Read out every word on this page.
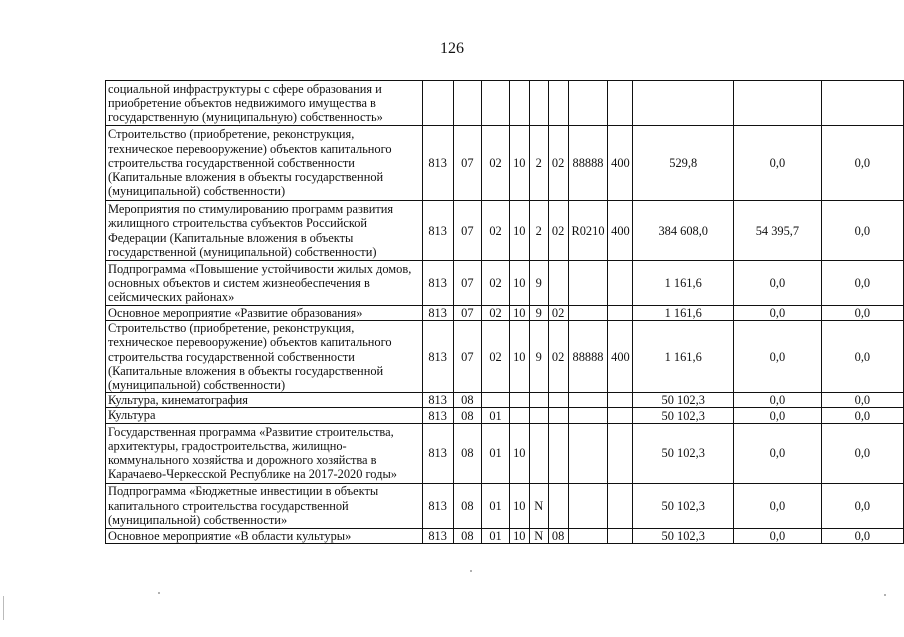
126
социальной инфраструктуры с сфере образования и приобретение объектов недвижимого имущества в государственную (муниципальную) собственность»											
Строительство (приобретение, реконструкция, техническое перевооружение) объектов капитального строительства государственной собственности (Капитальные вложения в объекты государственной (муниципальной) собственности)	813	07	02	10	2	02	88888	400	529,8	0,0	0,0
Мероприятия по стимулированию программ развития жилищного строительства субъектов Российской Федерации (Капитальные вложения в объекты государственной (муниципальной) собственности)	813	07	02	10	2	02	R0210	400	384 608,0	54 395,7	0,0
Подпрограмма «Повышение устойчивости жилых домов, основных объектов и систем жизнеобеспечения в сейсмических районах»	813	07	02	10	9				1 161,6	0,0	0,0
Основное мероприятие «Развитие образования»	813	07	02	10	9	02			1 161,6	0,0	0,0
Строительство (приобретение, реконструкция, техническое перевооружение) объектов капитального строительства государственной собственности (Капитальные вложения в объекты государственной (муниципальной) собственности)	813	07	02	10	9	02	88888	400	1 161,6	0,0	0,0
Культура, кинематография	813	08							50 102,3	0,0	0,0
Культура	813	08	01						50 102,3	0,0	0,0
Государственная программа «Развитие строительства, архитектуры, градостроительства, жилищно-коммунального хозяйства и дорожного хозяйства в Карачаево-Черкесской Республике на 2017-2020 годы»	813	08	01	10					50 102,3	0,0	0,0
Подпрограмма «Бюджетные инвестиции в объекты капитального строительства государственной (муниципальной) собственности»	813	08	01	10	N				50 102,3	0,0	0,0
Основное мероприятие «В области культуры»	813	08	01	10	N	08			50 102,3	0,0	0,0
